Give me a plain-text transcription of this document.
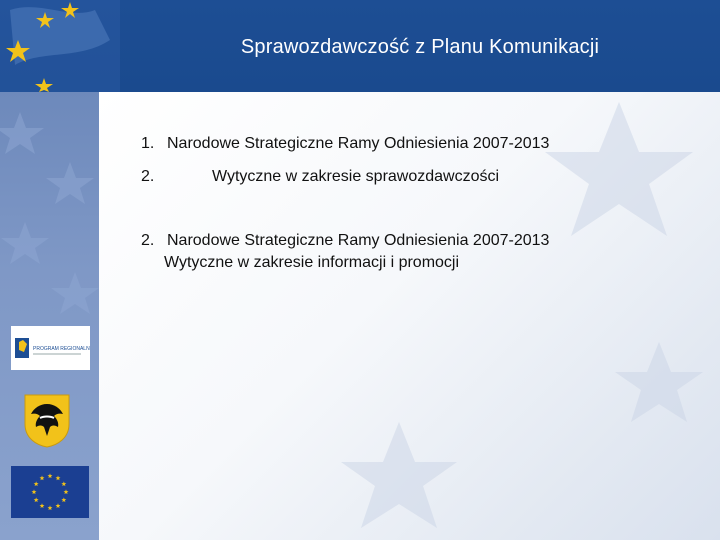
Sprawozdawczość z Planu Komunikacji
PROGRAM REGIONALNY
1. Narodowe Strategiczne Ramy Odniesienia 2007-2013
2.	Wytyczne w zakresie sprawozdawczości
2. Narodowe Strategiczne Ramy Odniesienia 2007-2013
Wytyczne w zakresie informacji i promocji
